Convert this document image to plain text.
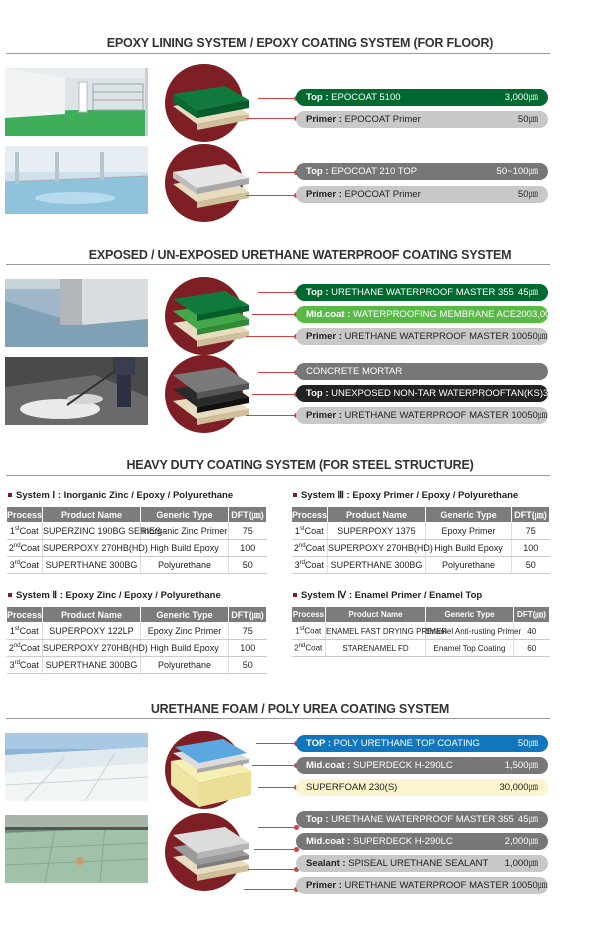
EPOXY LINING SYSTEM / EPOXY COATING SYSTEM (FOR FLOOR)
Top : EPOCOAT 5100	3,000㎛
Primer : EPOCOAT Primer	50㎛
Top : EPOCOAT 210 TOP	50~100㎛
Primer : EPOCOAT Primer	50㎛
EXPOSED / UN-EXPOSED URETHANE WATERPROOF COATING SYSTEM
Top : URETHANE WATERPROOF MASTER 355 45㎛
Mid.coat : WATERPROOFING MEMBRANE ACE200 3,000㎛
Primer : URETHANE WATERPROOF MASTER 100 50㎛
CONCRETE MORTAR
Top : UNEXPOSED NON-TAR WATERPROOFTAN(KS) 3,000㎛
Primer : URETHANE WATERPROOF MASTER 100 50㎛
HEAVY DUTY COATING SYSTEM (FOR STEEL STRUCTURE)
System Ⅰ : Inorganic Zinc / Epoxy / Polyurethane
Process	Product Name	Generic Type	DFT(㎛)
1stCoat	SUPERZINC 190BG SERIES	Inorganic Zinc Primer	75
2ndCoat	SUPERPOXY 270HB(HD)	High Build Epoxy	100
3rdCoat	SUPERTHANE 300BG	Polyurethane	50
System Ⅲ : Epoxy Primer / Epoxy / Polyurethane
Process	Product Name	Generic Type	DFT(㎛)
1stCoat	SUPERPOXY 1375	Epoxy Primer	75
2ndCoat	SUPERPOXY 270HB(HD)	High Build Epoxy	100
3rdCoat	SUPERTHANE 300BG	Polyurethane	50
System Ⅱ : Epoxy Zinc / Epoxy / Polyurethane
Process	Product Name	Generic Type	DFT(㎛)
1stCoat	SUPERPOXY 122LP	Epoxy Zinc Primer	75
2ndCoat	SUPERPOXY 270HB(HD)	High Build Epoxy	100
3rdCoat	SUPERTHANE 300BG	Polyurethane	50
System Ⅳ : Enamel Primer / Enamel Top
Process	Product Name	Generic Type	DFT(㎛)
1stCoat	ENAMEL FAST DRYING PRIMER	Enamel Anti-rusting Primer	40
2ndCoat	STARENAMEL FD	Enamel Top Coating	60
URETHANE FOAM / POLY UREA COATING SYSTEM
TOP : POLY URETHANE TOP COATING	50㎛
Mid.coat : SUPERDECK H-290LC	1,500㎛
SUPERFOAM 230(S)	30,000㎛
Top : URETHANE WATERPROOF MASTER 355 45㎛
Mid.coat : SUPERDECK H-290LC	2,000㎛
Sealant : SPISEAL URETHANE SEALANT 1,000㎛
Primer : URETHANE WATERPROOF MASTER 100 50㎛
